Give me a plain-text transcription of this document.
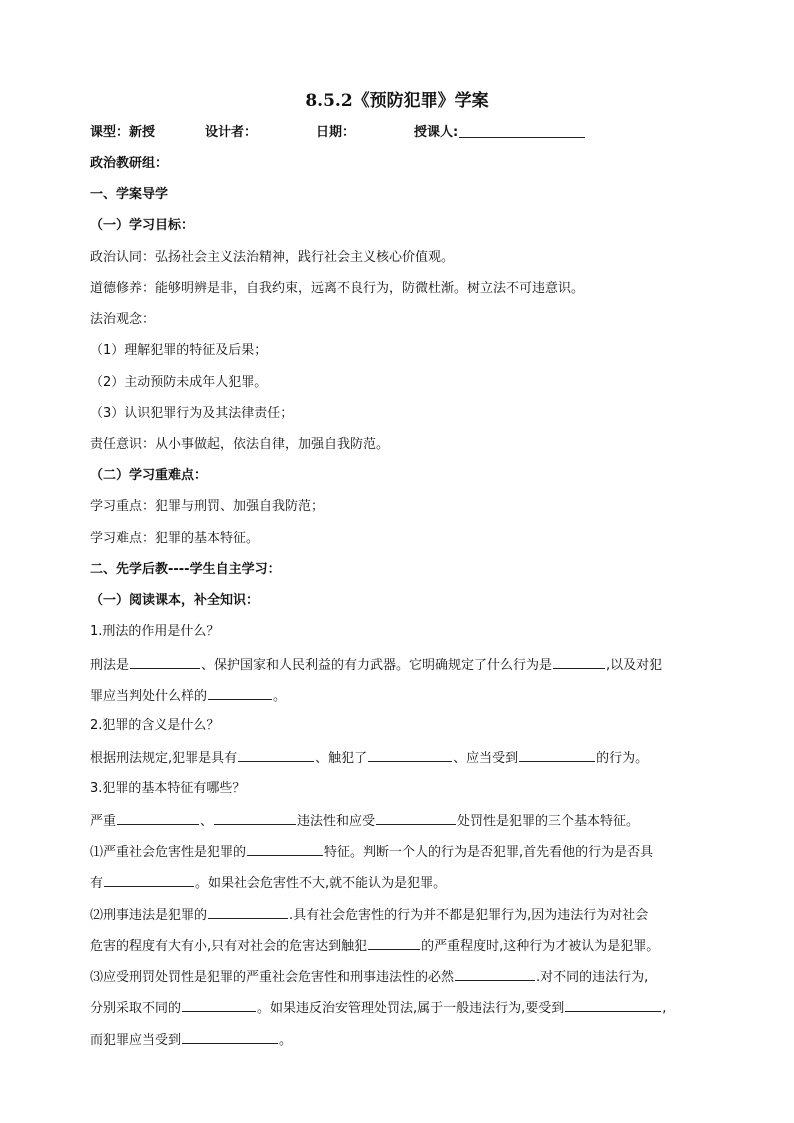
8.5.2《预防犯罪》学案
课型：新授	设计者：	日期：	授课人:
政治教研组：
一、学案导学
（一）学习目标：
政治认同：弘扬社会主义法治精神，践行社会主义核心价值观。
道德修养：能够明辨是非，自我约束，远离不良行为，防微杜渐。树立法不可违意识。
法治观念：
（1）理解犯罪的特征及后果；
（2）主动预防未成年人犯罪。
（3）认识犯罪行为及其法律责任；
责任意识：从小事做起，依法自律，加强自我防范。
（二）学习重难点：
学习重点：犯罪与刑罚、加强自我防范；
学习难点：犯罪的基本特征。
二、先学后教----学生自主学习：
（一）阅读课本，补全知识：
1.刑法的作用是什么？
刑法是	、保护国家和人民利益的有力武器。它明确规定了什么行为是	,以及对犯
罪应当判处什么样的	。
2.犯罪的含义是什么？
根据刑法规定,犯罪是具有	、触犯了	、应当受到	的行为。
3.犯罪的基本特征有哪些？
严重	、	违法性和应受	处罚性是犯罪的三个基本特征。
⑴严重社会危害性是犯罪的	特征。判断一个人的行为是否犯罪,首先看他的行为是否具
有	。如果社会危害性不大,就不能认为是犯罪。
⑵刑事违法是犯罪的	.具有社会危害性的行为并不都是犯罪行为,因为违法行为对社会
危害的程度有大有小,只有对社会的危害达到触犯	的严重程度时,这种行为才被认为是犯罪。
⑶应受刑罚处罚性是犯罪的严重社会危害性和刑事违法性的必然	.对不同的违法行为,
分别采取不同的	。如果违反治安管理处罚法,属于一般违法行为,要受到	,
而犯罪应当受到	。
